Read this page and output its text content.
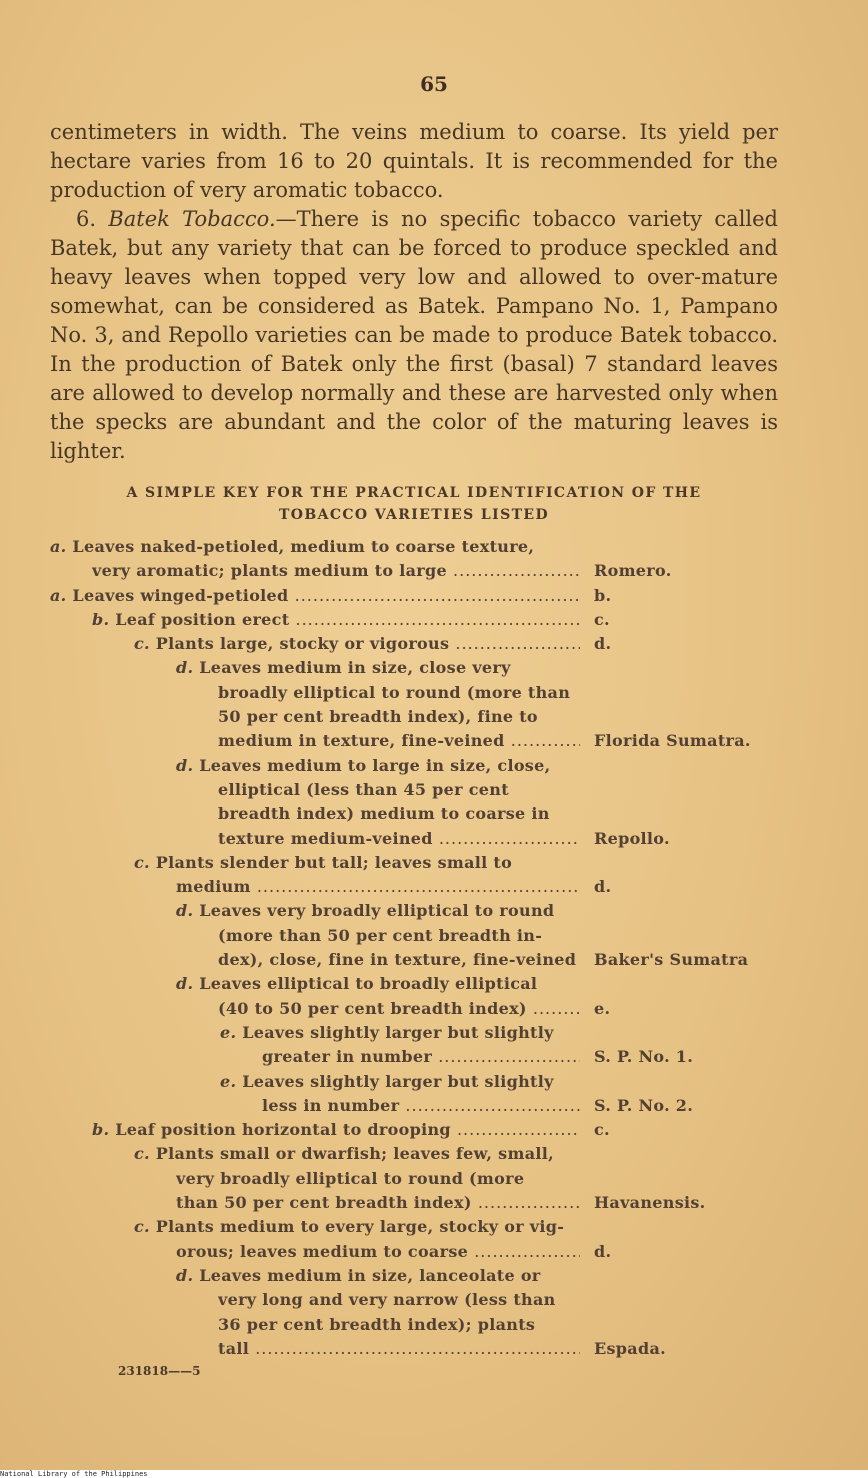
65

centimeters in width. The veins medium to coarse. Its yield per hectare varies from 16 to 20 quintals. It is recommended for the production of very aromatic tobacco.

6. Batek Tobacco.—There is no specific tobacco variety called Batek, but any variety that can be forced to produce speckled and heavy leaves when topped very low and allowed to over-mature somewhat, can be considered as Batek. Pampano No. 1, Pampano No. 3, and Repollo varieties can be made to produce Batek tobacco. In the production of Batek only the first (basal) 7 standard leaves are allowed to develop normally and these are harvested only when the specks are abundant and the color of the maturing leaves is lighter.

A SIMPLE KEY FOR THE PRACTICAL IDENTIFICATION OF THE
TOBACCO VARIETIES LISTED
a. Leaves naked-petioled, medium to coarse texture,
very aromatic; plants medium to large .....	Romero.
a. Leaves winged-petioled .....	b.
b. Leaf position erect .....	c.
c. Plants large, stocky or vigorous .....	d.
d. Leaves medium in size, close very
broadly elliptical to round (more than
50 per cent breadth index), fine to
medium in texture, fine-veined .....	Florida Sumatra.
d. Leaves medium to large in size, close,
elliptical (less than 45 per cent
breadth index) medium to coarse in
texture medium-veined .....	Repollo.
c. Plants slender but tall; leaves small to
medium .....	d.
d. Leaves very broadly elliptical to round
(more than 50 per cent breadth in-
dex), close, fine in texture, fine-veined ..... Baker's Sumatra
d. Leaves elliptical to broadly elliptical
(40 to 50 per cent breadth index) .....	e.
e. Leaves slightly larger but slightly
greater in number .....	S. P. No. 1.
e. Leaves slightly larger but slightly
less in number .....	S. P. No. 2.
b. Leaf position horizontal to drooping .....	c.
c. Plants small or dwarfish; leaves few, small,
very broadly elliptical to round (more
than 50 per cent breadth index) .....	Havanensis.
c. Plants medium to every large, stocky or vig-
orous; leaves medium to coarse .....	d.
d. Leaves medium in size, lanceolate or
very long and very narrow (less than
36 per cent breadth index); plants
tall .....	Espada.
231818——5
National Library of the Philippines
